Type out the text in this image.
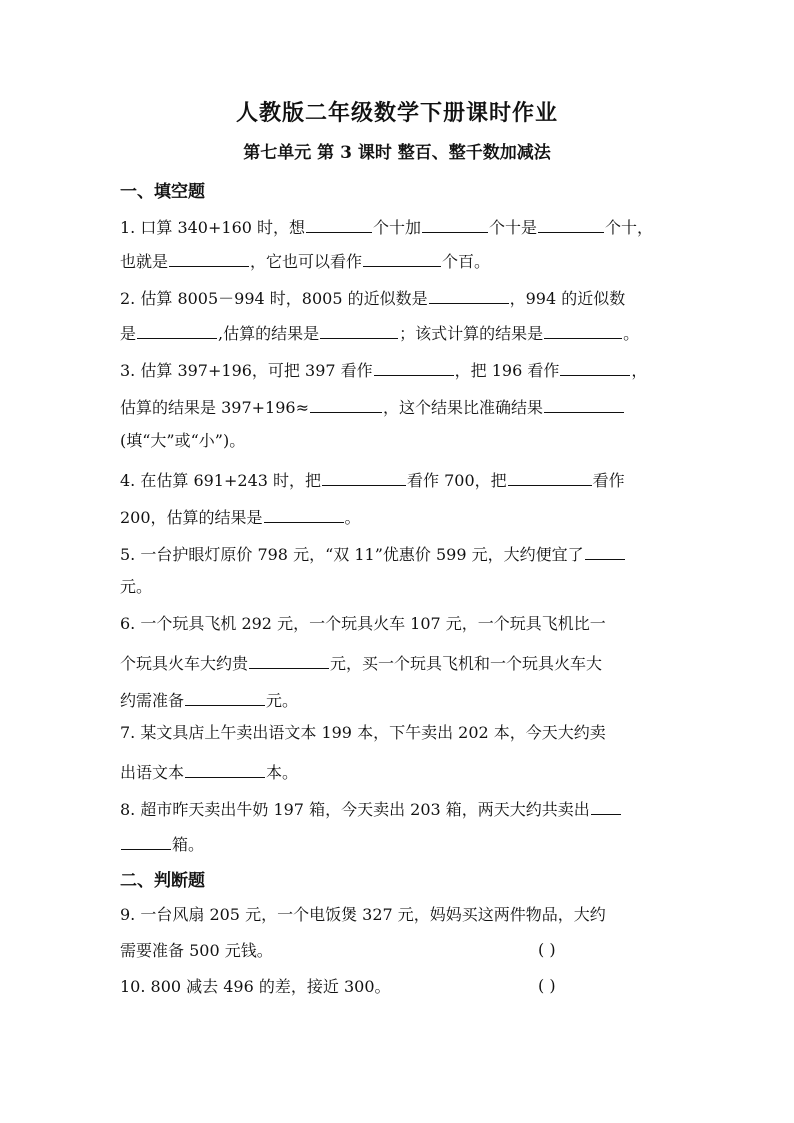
人教版二年级数学下册课时作业
第七单元 第 3 课时 整百、整千数加减法
一、填空题
1. 口算 340+160 时，想	个十加	个十是	个十，
也就是	，它也可以看作	个百。
2. 估算 8005－994 时，8005 的近似数是	，994 的近似数
是	,估算的结果是	；该式计算的结果是	。
3. 估算 397+196，可把 397 看作	，把 196 看作	，
估算的结果是 397+196≈	，这个结果比准确结果
(填“大”或“小”)。
4. 在估算 691+243 时，把	看作 700，把	看作
200，估算的结果是	。
5. 一台护眼灯原价 798 元，“双 11”优惠价 599 元，大约便宜了
元。
6. 一个玩具飞机 292 元，一个玩具火车 107 元，一个玩具飞机比一
个玩具火车大约贵	元，买一个玩具飞机和一个玩具火车大
约需准备	元。
7. 某文具店上午卖出语文本 199 本，下午卖出 202 本，今天大约卖
出语文本	本。
8. 超市昨天卖出牛奶 197 箱，今天卖出 203 箱，两天大约共卖出
箱。
二、判断题
9. 一台风扇 205 元，一个电饭煲 327 元，妈妈买这两件物品，大约
需要准备 500 元钱。	( )
10. 800 减去 496 的差，接近 300。	( )
